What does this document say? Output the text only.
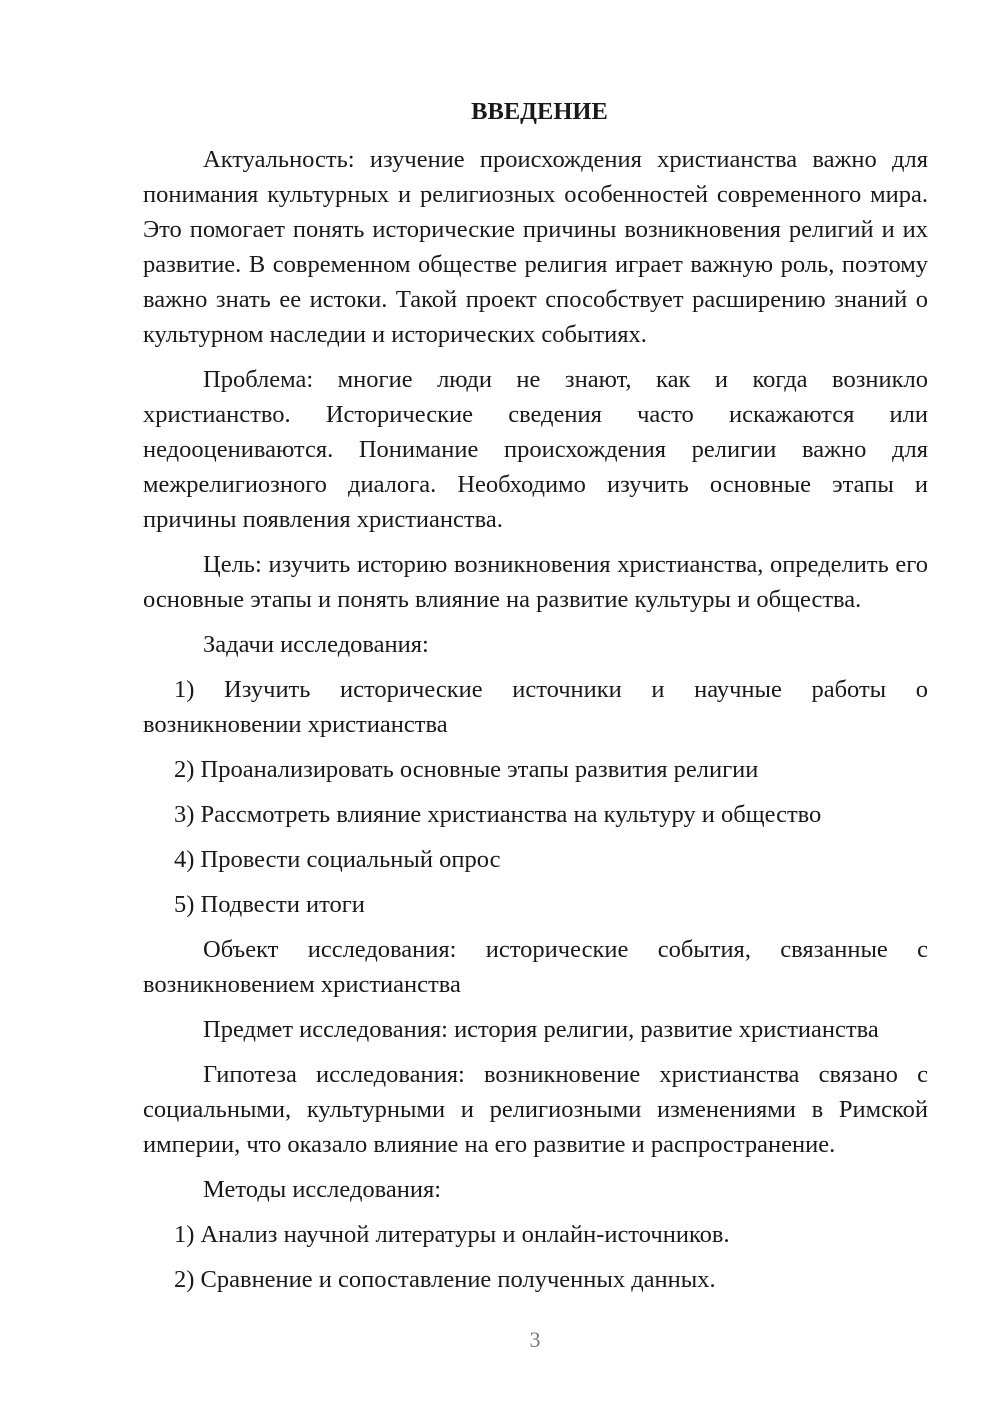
ВВЕДЕНИЕ

Актуальность: изучение происхождения христианства важно для понимания культурных и религиозных особенностей современного мира. Это помогает понять исторические причины возникновения религий и их развитие. В современном обществе религия играет важную роль, поэтому важно знать ее истоки. Такой проект способствует расширению знаний о культурном наследии и исторических событиях.

Проблема: многие люди не знают, как и когда возникло христианство. Исторические сведения часто искажаются или недооцениваются. Понимание происхождения религии важно для межрелигиозного диалога. Необходимо изучить основные этапы и причины появления христианства.

Цель: изучить историю возникновения христианства, определить его основные этапы и понять влияние на развитие культуры и общества.

Задачи исследования:

1) Изучить исторические источники и научные работы о возникновении христианства

2) Проанализировать основные этапы развития религии

3) Рассмотреть влияние христианства на культуру и общество

4) Провести социальный опрос

5) Подвести итоги

Объект исследования: исторические события, связанные с возникновением христианства

Предмет исследования: история религии, развитие христианства

Гипотеза исследования: возникновение христианства связано с социальными, культурными и религиозными изменениями в Римской империи, что оказало влияние на его развитие и распространение.

Методы исследования:

1) Анализ научной литературы и онлайн-источников.

2) Сравнение и сопоставление полученных данных.

3
